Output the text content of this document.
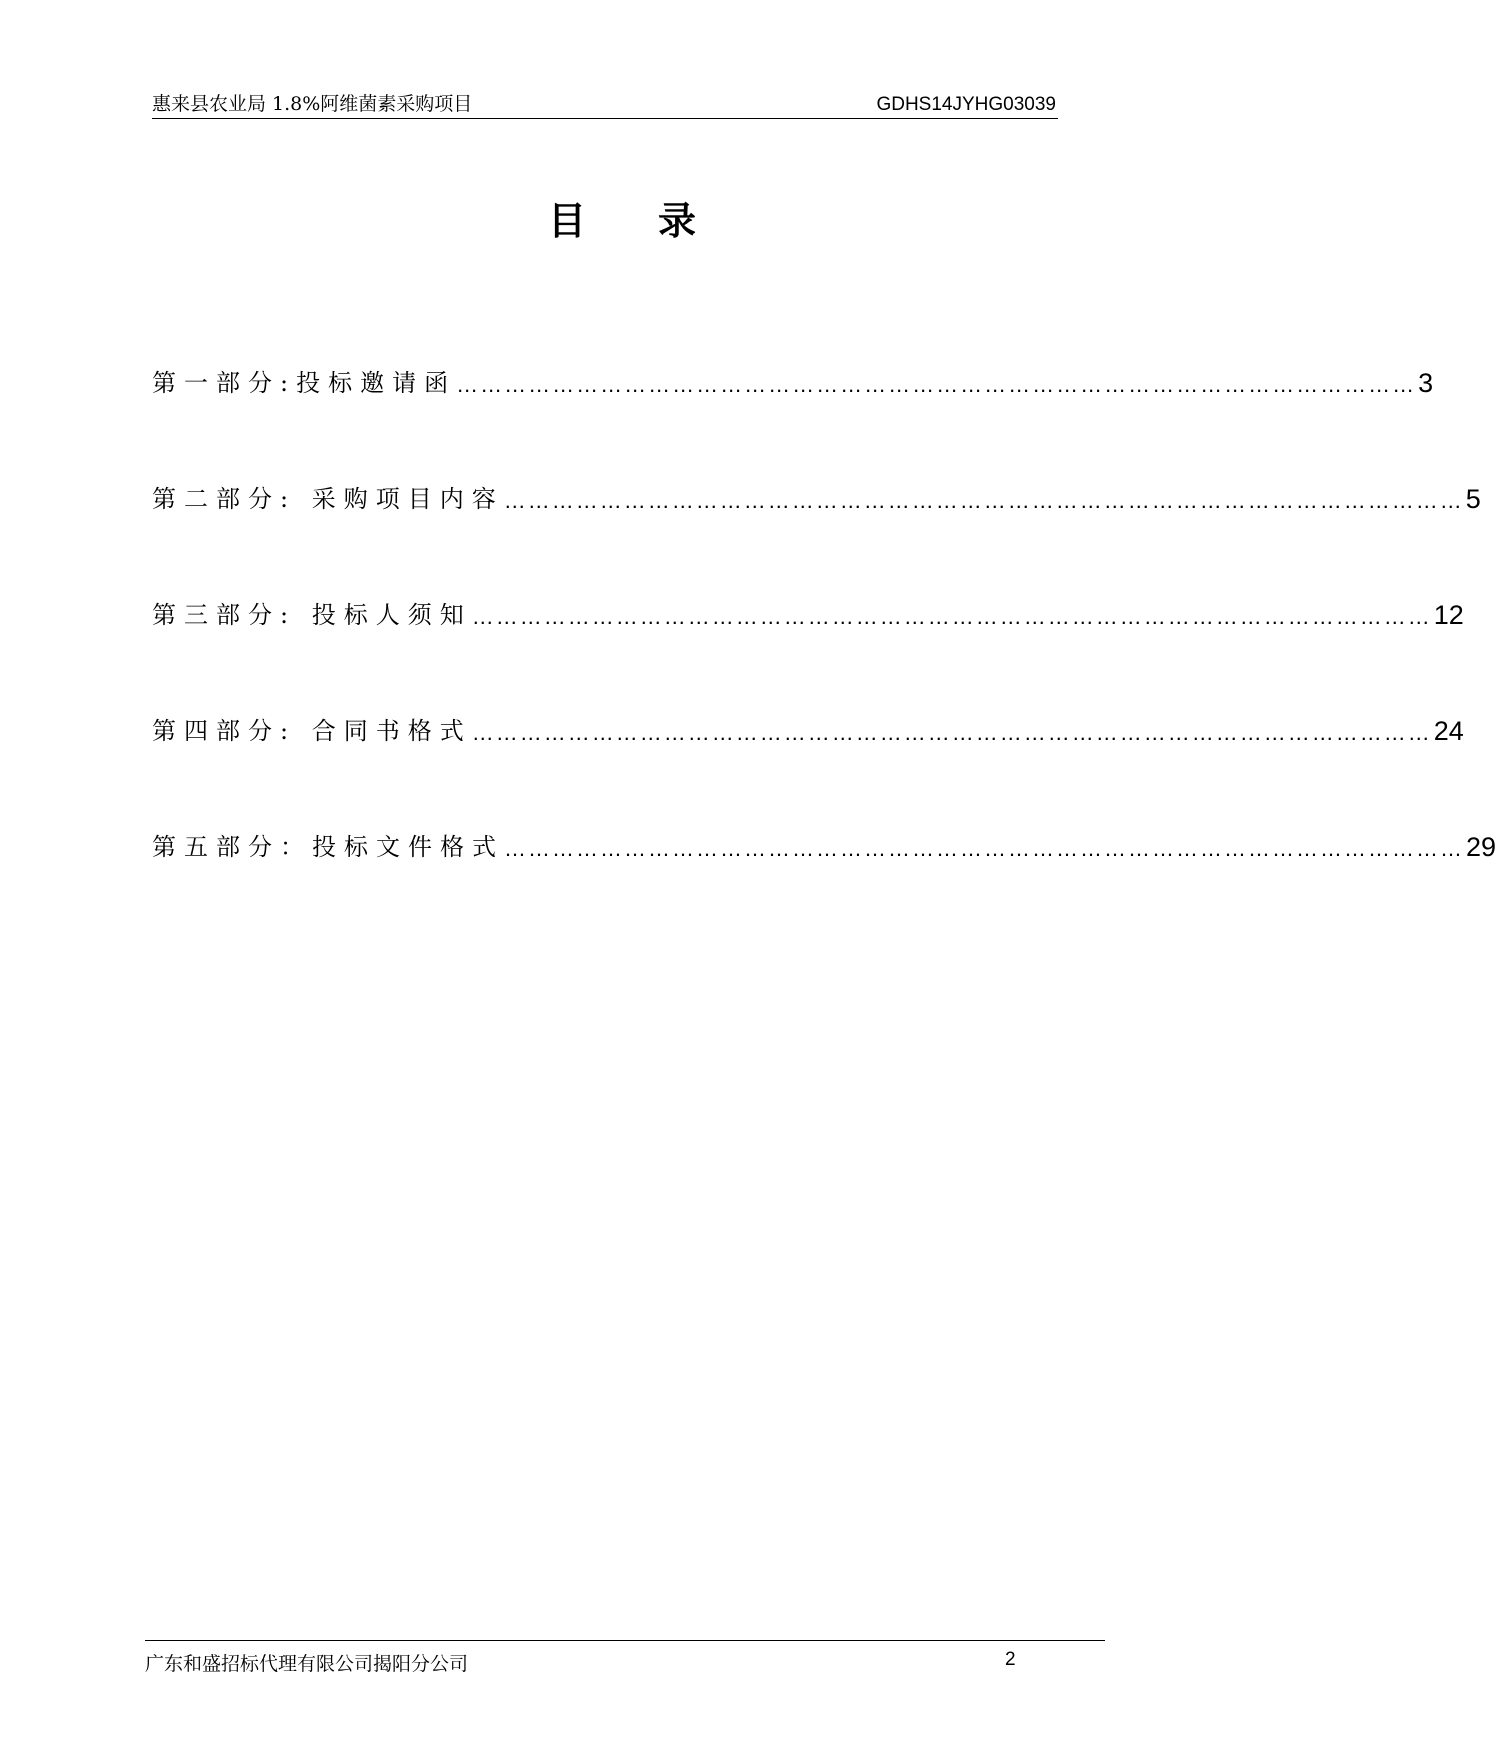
惠来县农业局 1.8%阿维菌素采购项目	GDHS14JYHG03039
目 录
第一部分:投标邀请函 ………………………………………………………………………………………………………… 3
第二部分: 采购项目内容 ………………………………………………………………………………………………………… 5
第三部分: 投标人须知 ………………………………………………………………………………………………………… 12
第四部分: 合同书格式 ………………………………………………………………………………………………………… 24
第五部分：投标文件格式 ………………………………………………………………………………………………………… 29
广东和盛招标代理有限公司揭阳分公司	2
